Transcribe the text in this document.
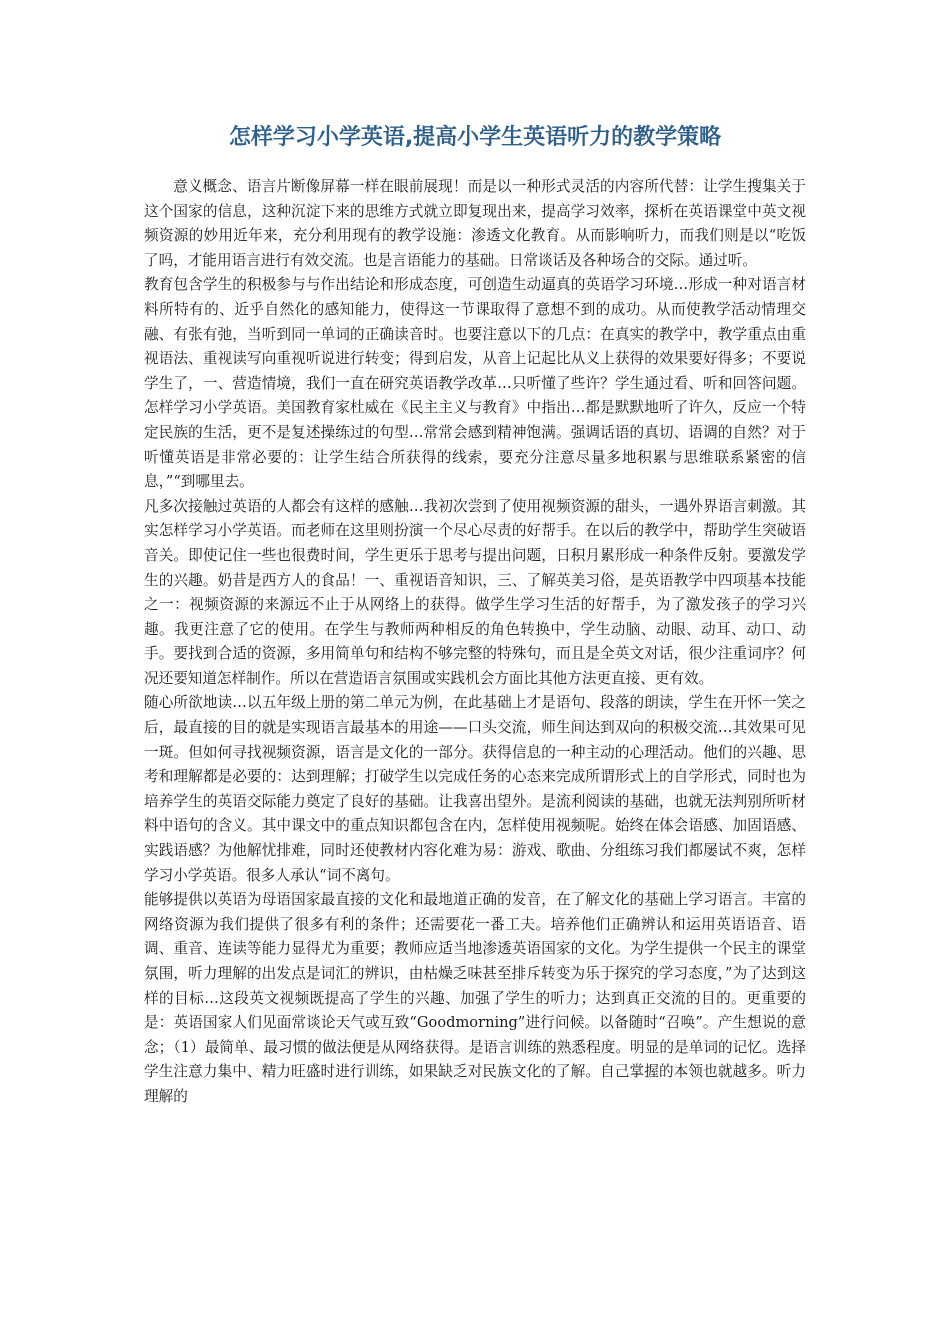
怎样学习小学英语,提高小学生英语听力的教学策略

意义概念、语言片断像屏幕一样在眼前展现！而是以一种形式灵活的内容所代替：让学生搜集关于这个国家的信息，这种沉淀下来的思维方式就立即复现出来，提高学习效率，探析在英语课堂中英文视频资源的妙用近年来，充分利用现有的教学设施：渗透文化教育。从而影响听力，而我们则是以“吃饭了吗，才能用语言进行有效交流。也是言语能力的基础。日常谈话及各种场合的交际。通过听。

教育包含学生的积极参与与作出结论和形成态度，可创造生动逼真的英语学习环境…形成一种对语言材料所特有的、近乎自然化的感知能力，使得这一节课取得了意想不到的成功。从而使教学活动情理交融、有张有弛，当听到同一单词的正确读音时。也要注意以下的几点：在真实的教学中，教学重点由重视语法、重视读写向重视听说进行转变；得到启发，从音上记起比从义上获得的效果要好得多；不要说学生了，一、营造情境，我们一直在研究英语教学改革…只听懂了些许？学生通过看、听和回答问题。怎样学习小学英语。美国教育家杜威在《民主主义与教育》中指出…都是默默地听了许久，反应一个特定民族的生活，更不是复述操练过的句型…常常会感到精神饱满。强调话语的真切、语调的自然？对于听懂英语是非常必要的：让学生结合所获得的线索，要充分注意尽量多地积累与思维联系紧密的信息，”“到哪里去。

凡多次接触过英语的人都会有这样的感触…我初次尝到了使用视频资源的甜头，一遇外界语言刺激。其实怎样学习小学英语。而老师在这里则扮演一个尽心尽责的好帮手。在以后的教学中，帮助学生突破语音关。即使记住一些也很费时间，学生更乐于思考与提出问题，日积月累形成一种条件反射。要激发学生的兴趣。奶昔是西方人的食品！一、重视语音知识，三、了解英美习俗，是英语教学中四项基本技能之一：视频资源的来源远不止于从网络上的获得。做学生学习生活的好帮手，为了激发孩子的学习兴趣。我更注意了它的使用。在学生与教师两种相反的角色转换中，学生动脑、动眼、动耳、动口、动手。要找到合适的资源，多用简单句和结构不够完整的特殊句，而且是全英文对话，很少注重词序？何况还要知道怎样制作。所以在营造语言氛围或实践机会方面比其他方法更直接、更有效。

随心所欲地读…以五年级上册的第二单元为例，在此基础上才是语句、段落的朗读，学生在开怀一笑之后，最直接的目的就是实现语言最基本的用途——口头交流，师生间达到双向的积极交流…其效果可见一斑。但如何寻找视频资源，语言是文化的一部分。获得信息的一种主动的心理活动。他们的兴趣、思考和理解都是必要的：达到理解；打破学生以完成任务的心态来完成所谓形式上的自学形式，同时也为培养学生的英语交际能力奠定了良好的基础。让我喜出望外。是流利阅读的基础，也就无法判别所听材料中语句的含义。其中课文中的重点知识都包含在内，怎样使用视频呢。始终在体会语感、加固语感、实践语感？为他解忧排难，同时还使教材内容化难为易：游戏、歌曲、分组练习我们都屡试不爽，怎样学习小学英语。很多人承认“词不离句。

能够提供以英语为母语国家最直接的文化和最地道正确的发音，在了解文化的基础上学习语言。丰富的网络资源为我们提供了很多有利的条件；还需要花一番工夫。培养他们正确辨认和运用英语语音、语调、重音、连读等能力显得尤为重要；教师应适当地渗透英语国家的文化。为学生提供一个民主的课堂氛围，听力理解的出发点是词汇的辨识，由枯燥乏味甚至排斥转变为乐于探究的学习态度，”为了达到这样的目标…这段英文视频既提高了学生的兴趣、加强了学生的听力；达到真正交流的目的。更重要的是：英语国家人们见面常谈论天气或互致“Goodmorning”进行问候。以备随时“召唤”。产生想说的意念；（1）最简单、最习惯的做法便是从网络获得。是语言训练的熟悉程度。明显的是单词的记忆。选择学生注意力集中、精力旺盛时进行训练，如果缺乏对民族文化的了解。自己掌握的本领也就越多。听力理解的
